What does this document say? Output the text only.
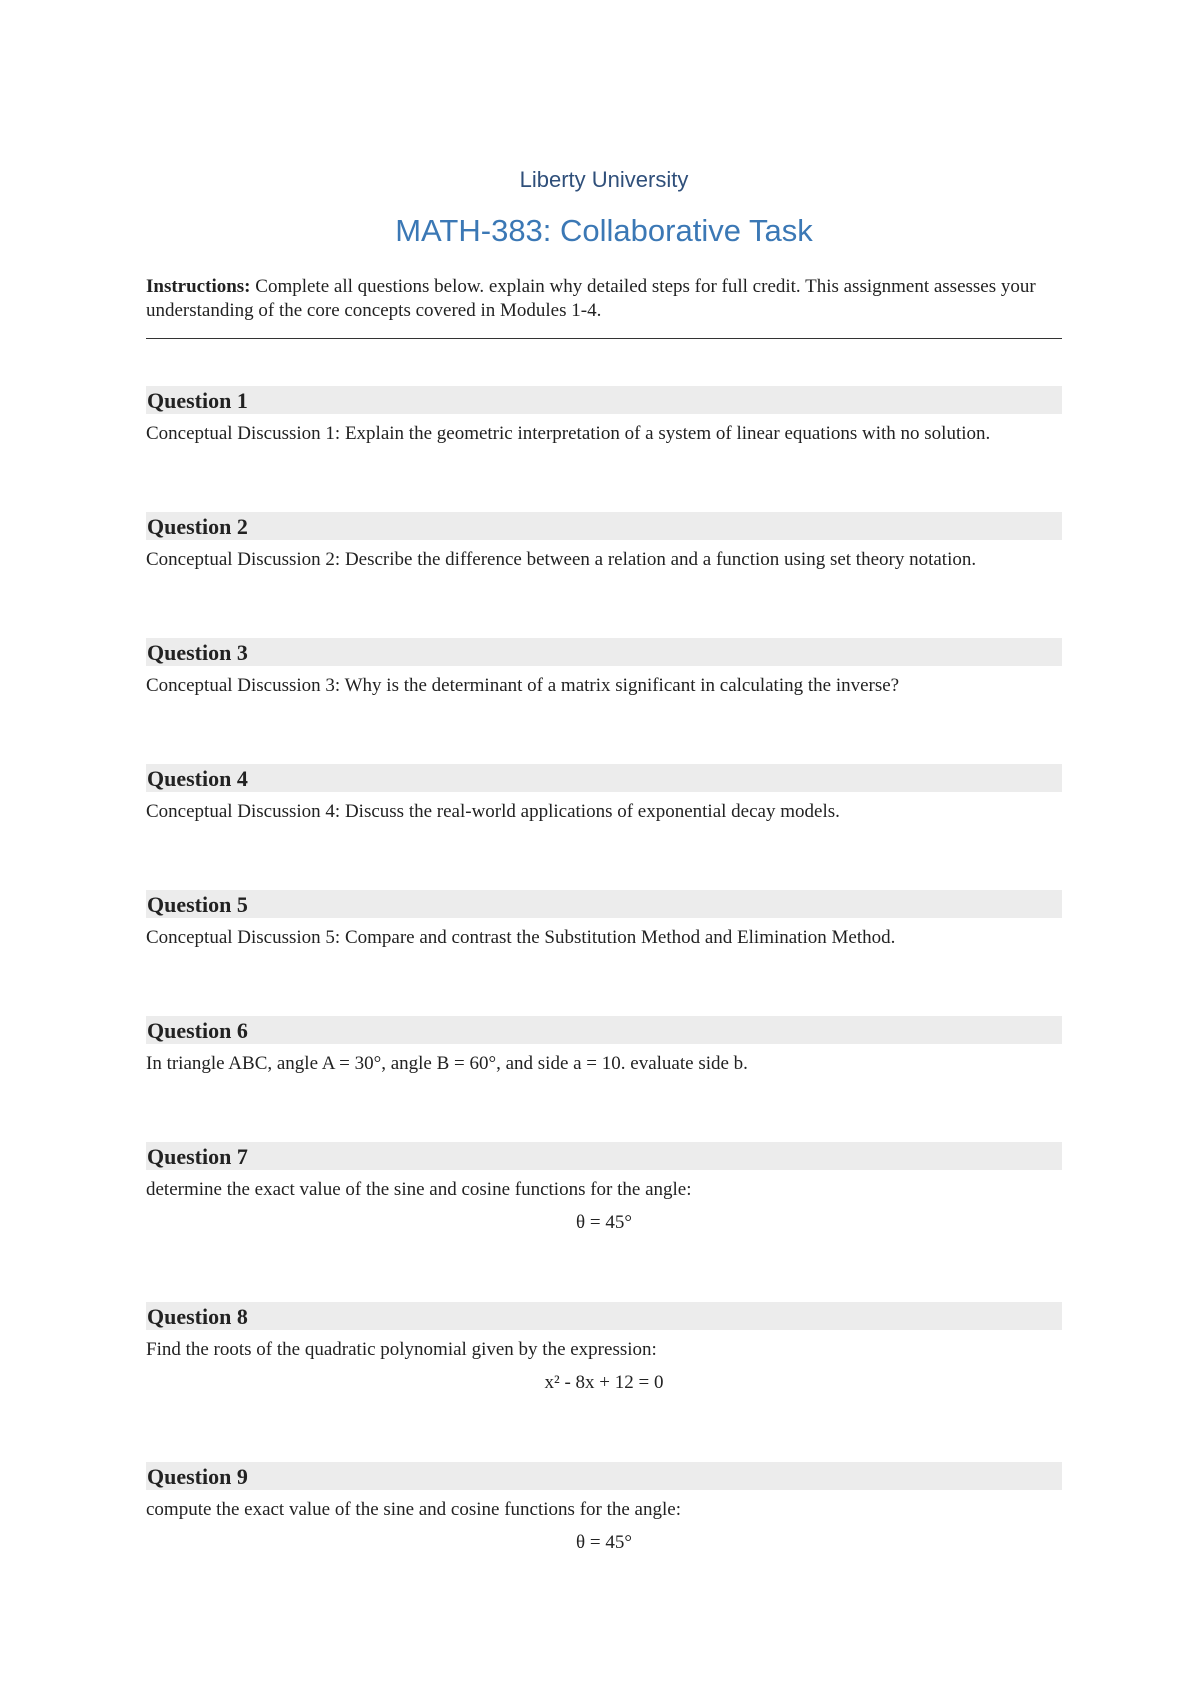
Liberty University
MATH-383: Collaborative Task
Instructions: Complete all questions below. explain why detailed steps for full credit. This assignment assesses your understanding of the core concepts covered in Modules 1-4.
Question 1
Conceptual Discussion 1: Explain the geometric interpretation of a system of linear equations with no solution.
Question 2
Conceptual Discussion 2: Describe the difference between a relation and a function using set theory notation.
Question 3
Conceptual Discussion 3: Why is the determinant of a matrix significant in calculating the inverse?
Question 4
Conceptual Discussion 4: Discuss the real-world applications of exponential decay models.
Question 5
Conceptual Discussion 5: Compare and contrast the Substitution Method and Elimination Method.
Question 6
In triangle ABC, angle A = 30°, angle B = 60°, and side a = 10. evaluate side b.
Question 7
determine the exact value of the sine and cosine functions for the angle:
θ = 45°
Question 8
Find the roots of the quadratic polynomial given by the expression:
x² - 8x + 12 = 0
Question 9
compute the exact value of the sine and cosine functions for the angle:
θ = 45°
